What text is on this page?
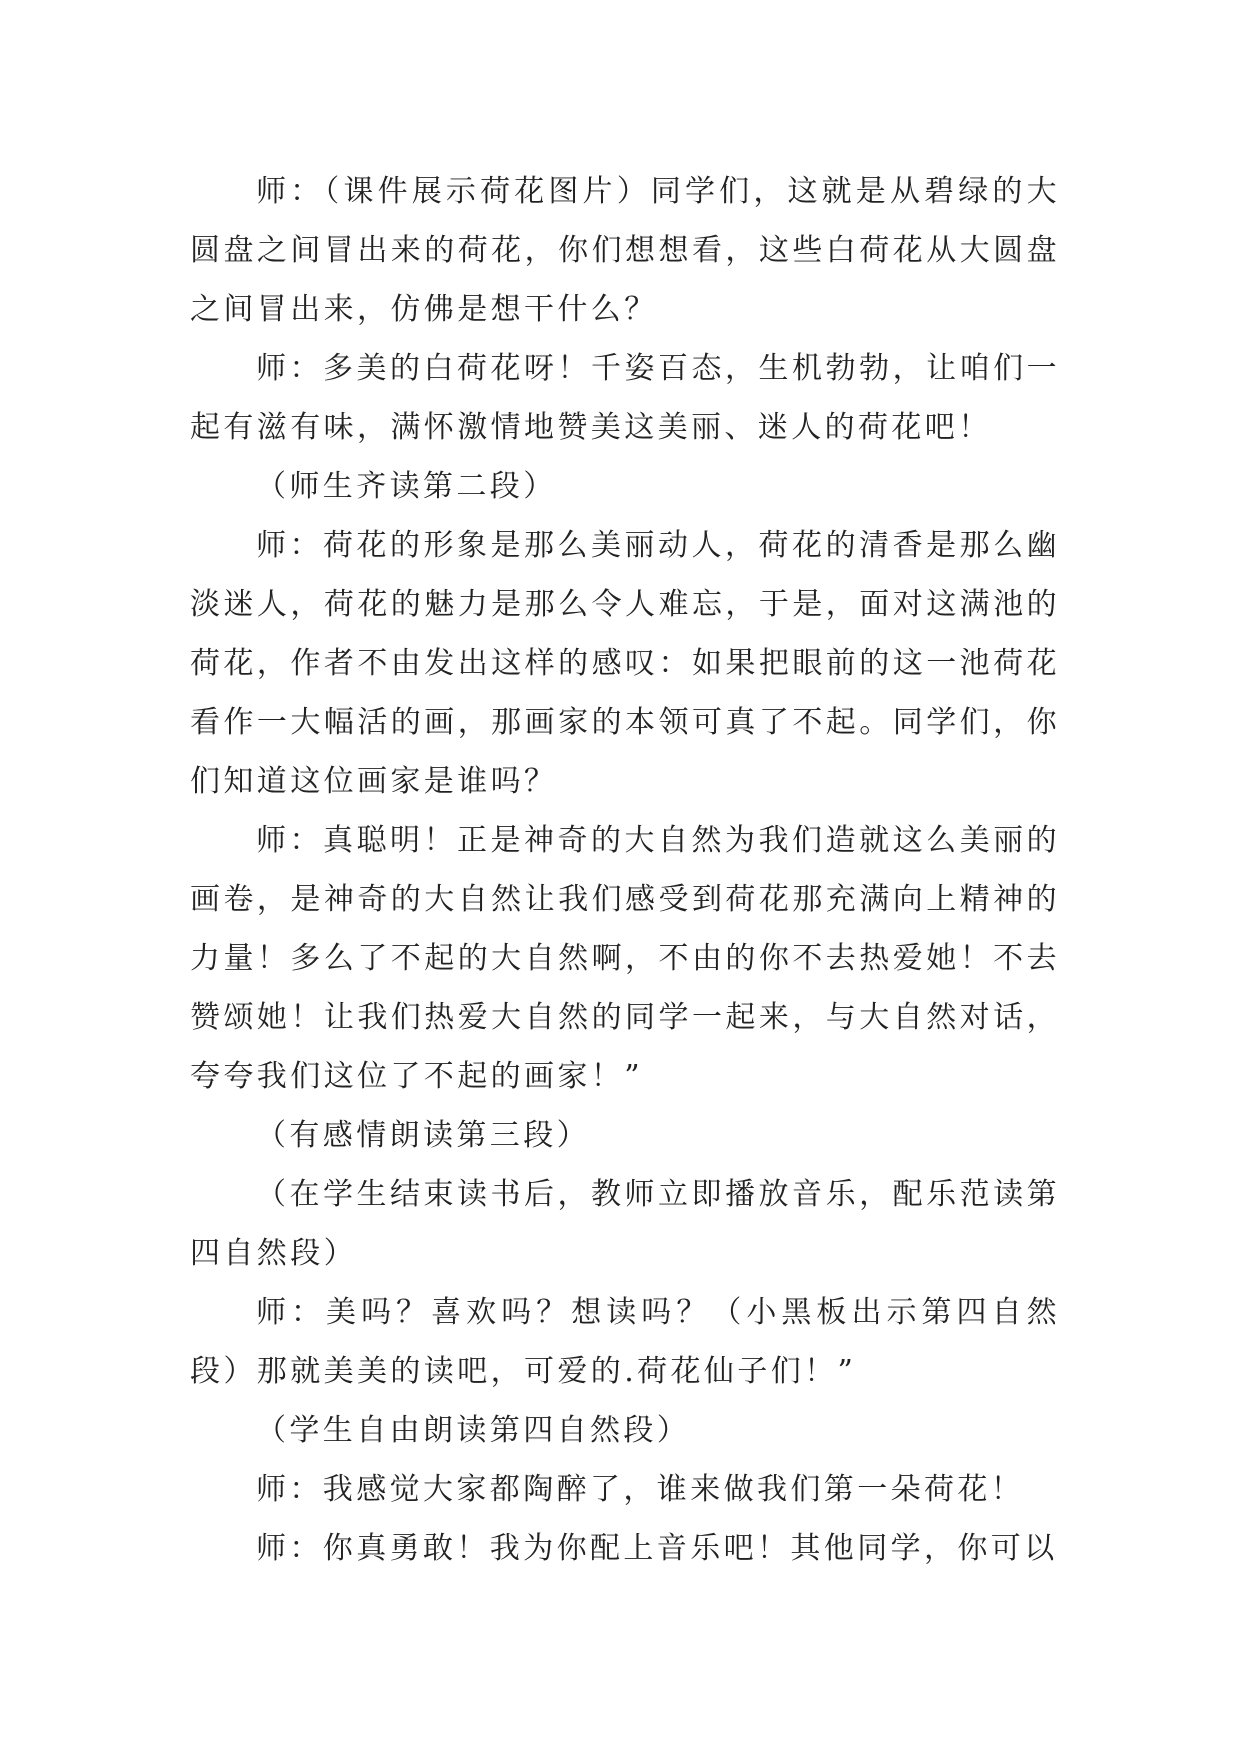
师：（课件展示荷花图片）同学们，这就是从碧绿的大圆盘之间冒出来的荷花，你们想想看，这些白荷花从大圆盘之间冒出来，仿佛是想干什么？

师：多美的白荷花呀！千姿百态，生机勃勃，让咱们一起有滋有味，满怀激情地赞美这美丽、迷人的荷花吧！

（师生齐读第二段）

师：荷花的形象是那么美丽动人，荷花的清香是那么幽淡迷人，荷花的魅力是那么令人难忘，于是，面对这满池的荷花，作者不由发出这样的感叹：如果把眼前的这一池荷花看作一大幅活的画，那画家的本领可真了不起。同学们，你们知道这位画家是谁吗？

师：真聪明！正是神奇的大自然为我们造就这么美丽的画卷，是神奇的大自然让我们感受到荷花那充满向上精神的力量！多么了不起的大自然啊，不由的你不去热爱她！不去赞颂她！让我们热爱大自然的同学一起来，与大自然对话，夸夸我们这位了不起的画家！”

（有感情朗读第三段）

（在学生结束读书后，教师立即播放音乐，配乐范读第四自然段）

师：美吗？喜欢吗？想读吗？（小黑板出示第四自然段）那就美美的读吧，可爱的.荷花仙子们！”

（学生自由朗读第四自然段）

师：我感觉大家都陶醉了，谁来做我们第一朵荷花！

师：你真勇敢！我为你配上音乐吧！其他同学，你可以
